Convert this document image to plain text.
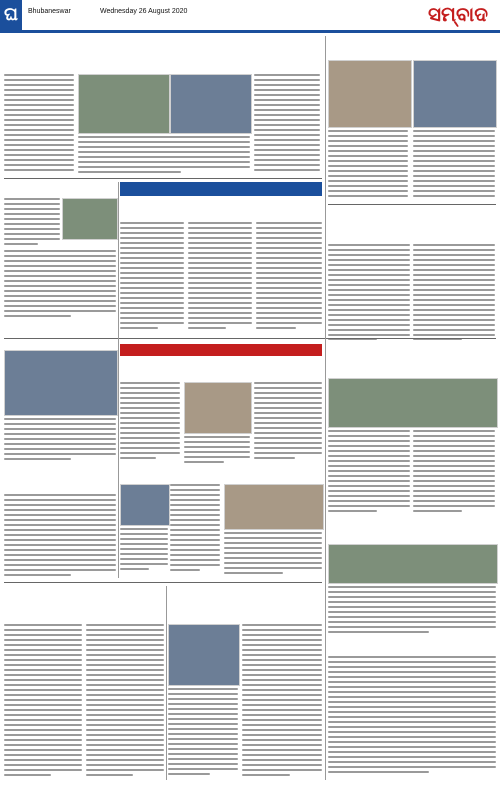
ଘ	Bhubaneswar	Wednesday 26 August 2020	ସମ୍ବାଦ
